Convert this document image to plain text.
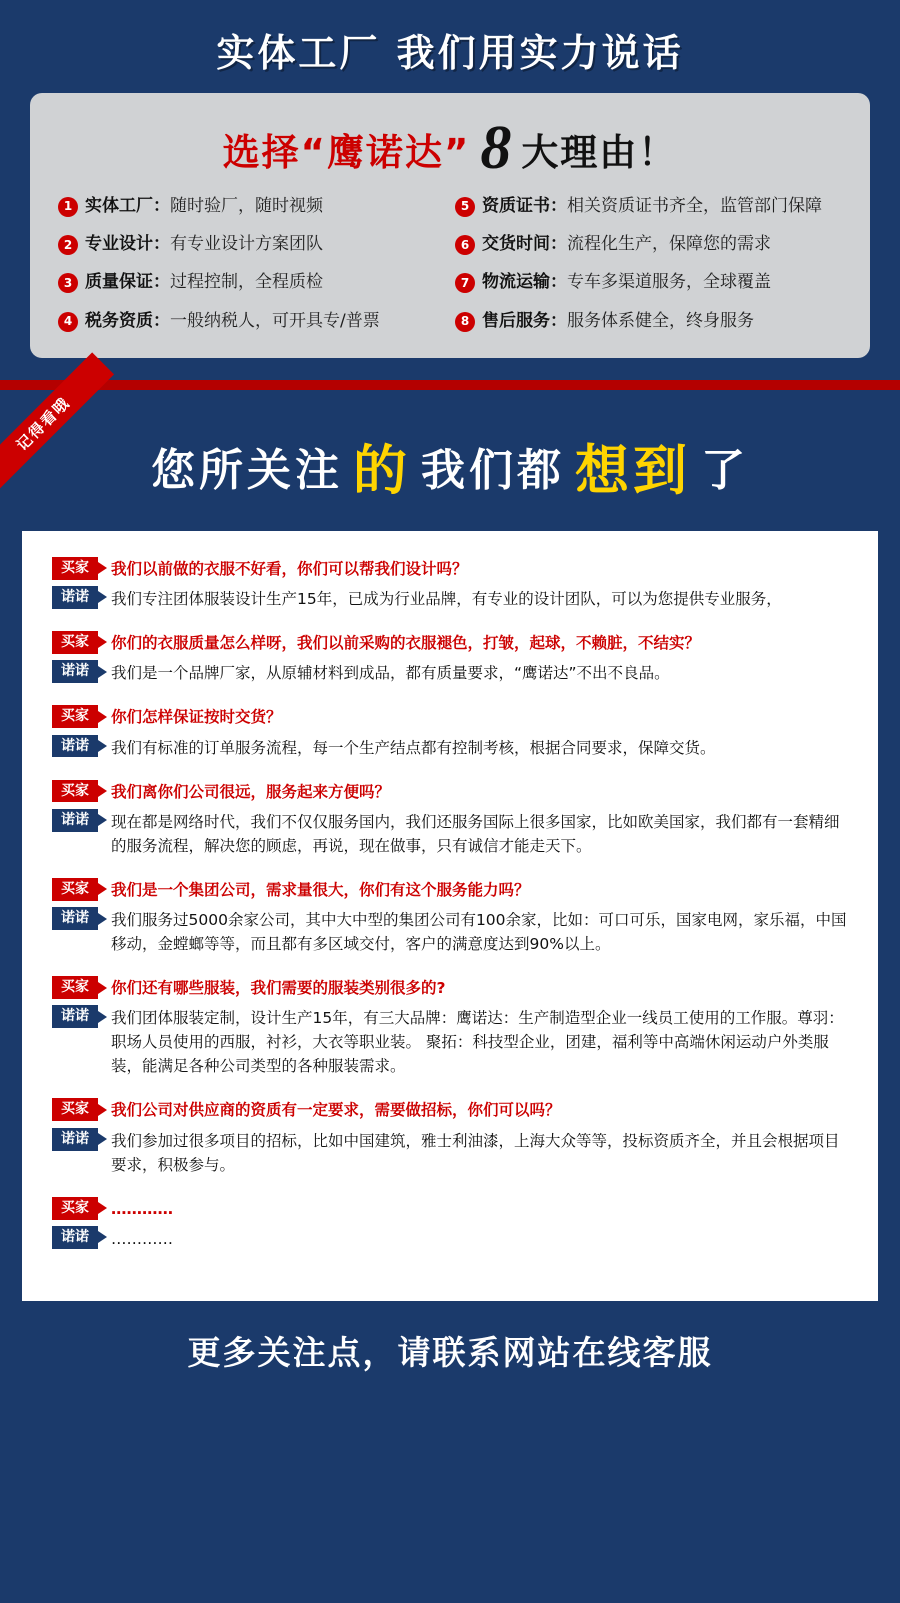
实体工厂 我们用实力说话
选择“鹰诺达” 8 大理由！
1 实体工厂：随时验厂，随时视频	5 资质证书：相关资质证书齐全，监管部门保障
2 专业设计：有专业设计方案团队	6 交货时间：流程化生产，保障您的需求
3 质量保证：过程控制，全程质检	7 物流运输：专车多渠道服务，全球覆盖
4 税务资质：一般纳税人，可开具专/普票	8 售后服务：服务体系健全，终身服务
记得看哦
您所关注 的 我们都 想到 了
买家	我们以前做的衣服不好看，你们可以帮我们设计吗？
诺诺	我们专注团体服装设计生产15年，已成为行业品牌，有专业的设计团队，可以为您提供专业服务，
买家	你们的衣服质量怎么样呀，我们以前采购的衣服褪色，打皱，起球，不赖脏，不结实？
诺诺	我们是一个品牌厂家，从原辅材料到成品，都有质量要求，“鹰诺达”不出不良品。
买家	你们怎样保证按时交货？
诺诺	我们有标准的订单服务流程，每一个生产结点都有控制考核，根据合同要求，保障交货。
买家	我们离你们公司很远，服务起来方便吗？
诺诺	现在都是网络时代，我们不仅仅服务国内，我们还服务国际上很多国家，比如欧美国家，我们都有一套精细的服务流程，解决您的顾虑，再说，现在做事，只有诚信才能走天下。
买家	我们是一个集团公司，需求量很大，你们有这个服务能力吗？
诺诺	我们服务过5000余家公司，其中大中型的集团公司有100余家，比如：可口可乐，国家电网，家乐福，中国移动，金螳螂等等，而且都有多区域交付，客户的满意度达到90%以上。
买家	你们还有哪些服装，我们需要的服装类别很多的?
诺诺	我们团体服装定制，设计生产15年，有三大品牌：鹰诺达：生产制造型企业一线员工使用的工作服。尊羽：职场人员使用的西服，衬衫，大衣等职业装。 聚拓：科技型企业，团建，福利等中高端休闲运动户外类服装，能满足各种公司类型的各种服装需求。
买家	我们公司对供应商的资质有一定要求，需要做招标，你们可以吗？
诺诺	我们参加过很多项目的招标，比如中国建筑，雅士利油漆，上海大众等等，投标资质齐全，并且会根据项目要求，积极参与。
买家	…………
诺诺	…………
更多关注点，请联系网站在线客服
